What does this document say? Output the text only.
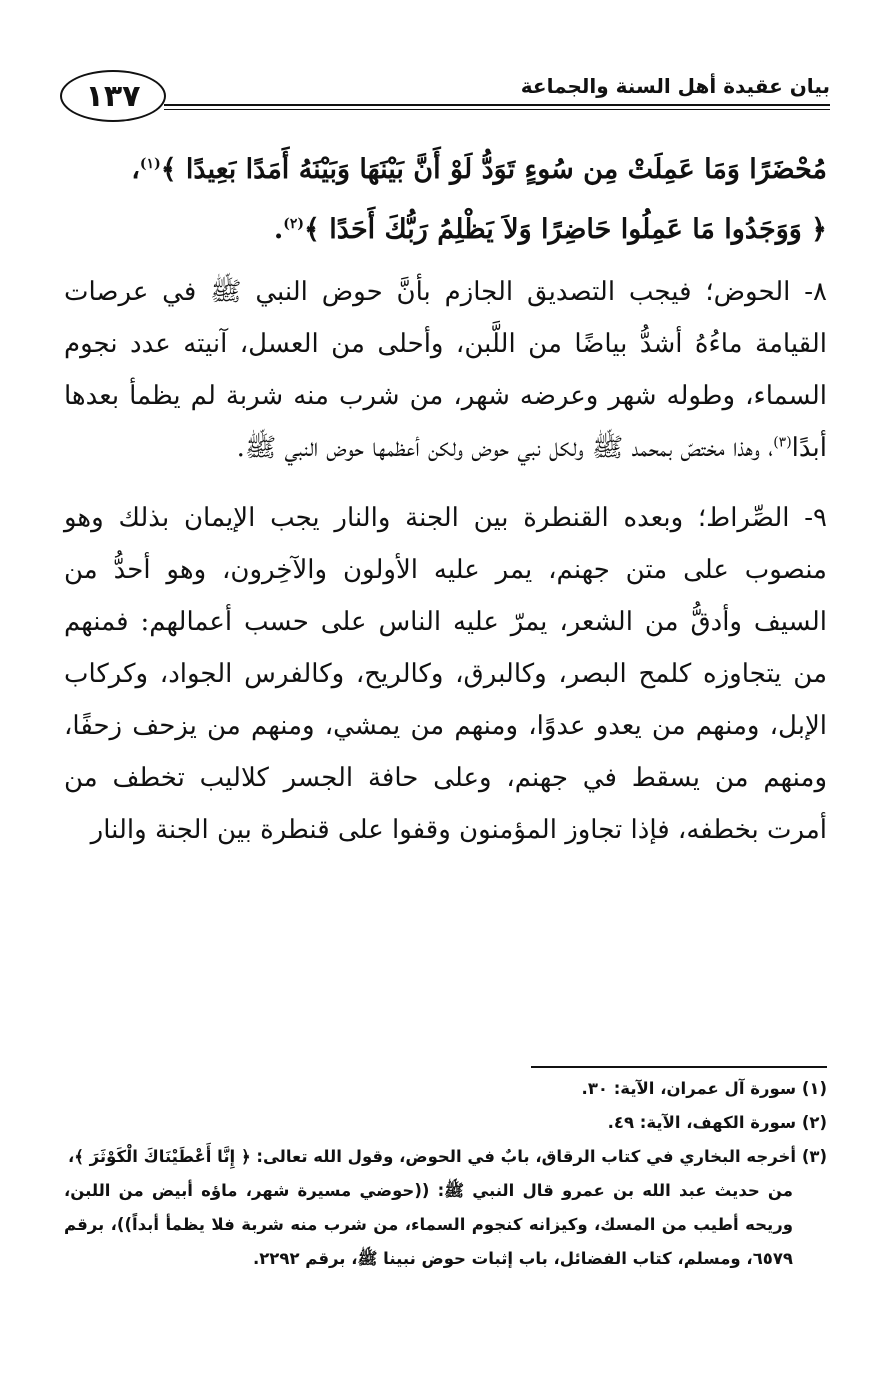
١٣٧	بيان عقيدة أهل السنة والجماعة

مُحْضَرًا وَمَا عَمِلَتْ مِن سُوءٍ تَوَدُّ لَوْ أَنَّ بَيْنَهَا وَبَيْنَهُ أَمَدًا بَعِيدًا ﴾$^{(١)}$،
﴿ وَوَجَدُوا مَا عَمِلُوا حَاضِرًا وَلاَ يَظْلِمُ رَبُّكَ أَحَدًا ﴾$^{(٢)}$.

٨- الحوض؛ فيجب التصديق الجازم بأنَّ حوض النبي ﷺ في عرصات القيامة ماءُهُ أشدُّ بياضًا من اللَّبن، وأحلى من العسل، آنيته عدد نجوم السماء، وطوله شهر وعرضه شهر، من شرب منه شربة لم يظمأ بعدها أبدًا$^{(٣)}$، وهذا مختصّ بمحمد ﷺ ولكل نبي حوض ولكن أعظمها حوض النبي ﷺ.

٩- الصِّراط؛ وبعده القنطرة بين الجنة والنار يجب الإيمان بذلك وهو منصوب على متن جهنم، يمر عليه الأولون والآخِرون، وهو أحدُّ من السيف وأدقُّ من الشعر، يمرّ عليه الناس على حسب أعمالهم: فمنهم من يتجاوزه كلمح البصر، وكالبرق، وكالريح، وكالفرس الجواد، وكركاب الإبل، ومنهم من يعدو عدوًا، ومنهم من يمشي، ومنهم من يزحف زحفًا، ومنهم من يسقط في جهنم، وعلى حافة الجسر كلاليب تخطف من أمرت بخطفه، فإذا تجاوز المؤمنون وقفوا على قنطرة بين الجنة والنار

(١) سورة آل عمران، الآية: ٣٠.

(٢) سورة الكهف، الآية: ٤٩.

(٣) أخرجه البخاري في كتاب الرقاق، بابٌ في الحوض، وقول الله تعالى: ﴿ إِنَّا أَعْطَيْنَاكَ الْكَوْثَرَ ﴾،
من حديث عبد الله بن عمرو قال النبي ﷺ: ((حوضي مسيرة شهر، ماؤه أبيض من اللبن، وريحه أطيب من المسك، وكيزانه كنجوم السماء، من شرب منه شربة فلا يظمأ أبداً))، برقم ٦٥٧٩، ومسلم، كتاب الفضائل، باب إثبات حوض نبينا ﷺ، برقم ٢٢٩٢.
